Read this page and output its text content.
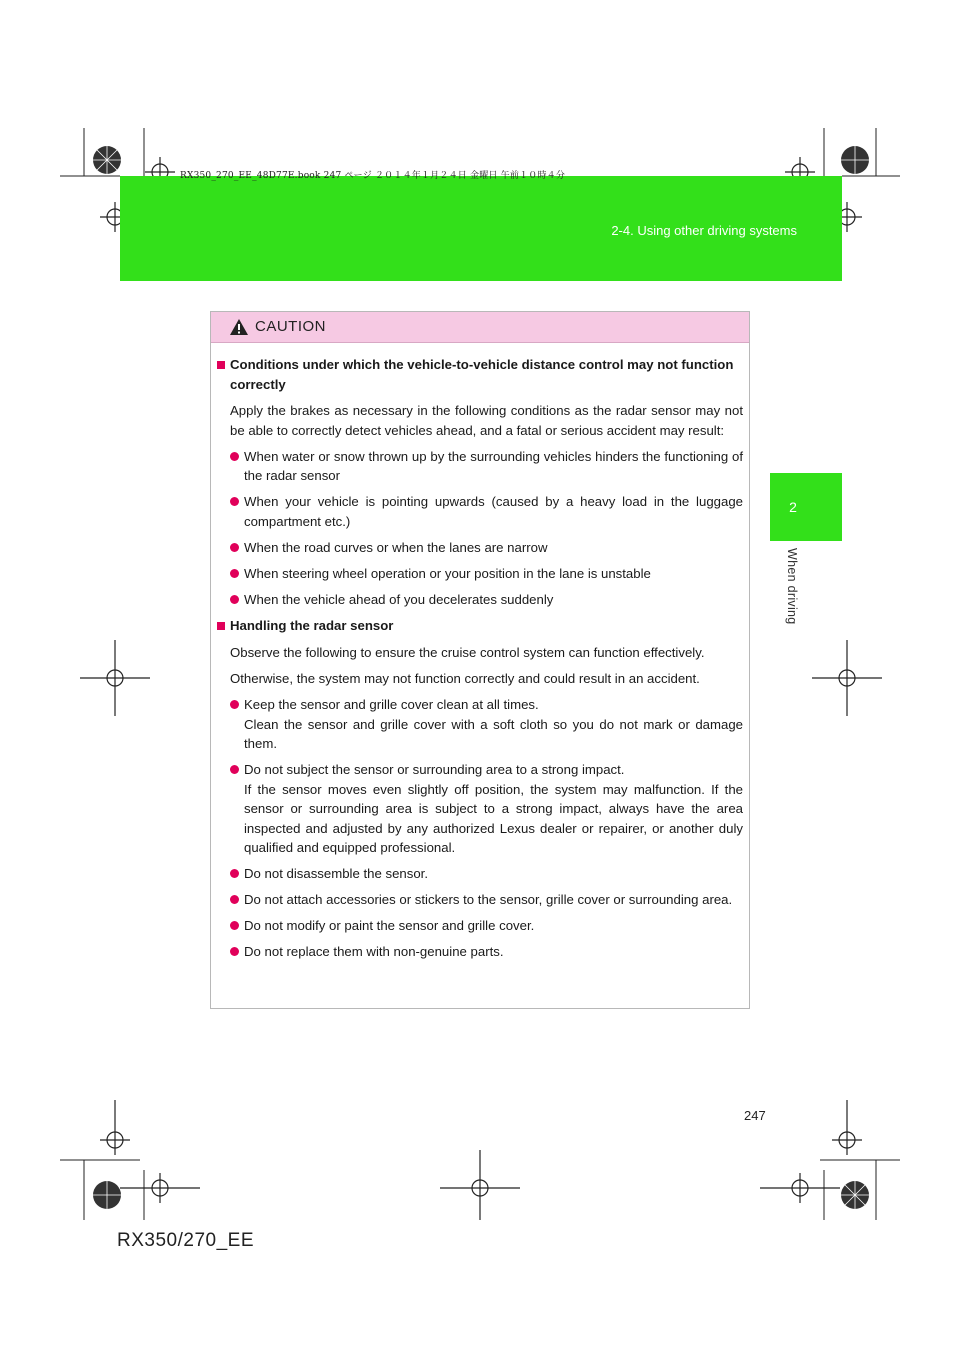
RX350_270_EE_48D77E.book 247 ページ ２０１４年１月２４日 金曜日 午前１０時４分
2-4. Using other driving systems
2
When driving
CAUTION
Conditions under which the vehicle-to-vehicle distance control may not function correctly
Apply the brakes as necessary in the following conditions as the radar sensor may not be able to correctly detect vehicles ahead, and a fatal or serious accident may result:
When water or snow thrown up by the surrounding vehicles hinders the functioning of the radar sensor
When your vehicle is pointing upwards (caused by a heavy load in the luggage compartment etc.)
When the road curves or when the lanes are narrow
When steering wheel operation or your position in the lane is unstable
When the vehicle ahead of you decelerates suddenly
Handling the radar sensor
Observe the following to ensure the cruise control system can function effectively.
Otherwise, the system may not function correctly and could result in an accident.
Keep the sensor and grille cover clean at all times.
Clean the sensor and grille cover with a soft cloth so you do not mark or damage them.
Do not subject the sensor or surrounding area to a strong impact.
If the sensor moves even slightly off position, the system may malfunction. If the sensor or surrounding area is subject to a strong impact, always have the area inspected and adjusted by any authorized Lexus dealer or repairer, or another duly qualified and equipped professional.
Do not disassemble the sensor.
Do not attach accessories or stickers to the sensor, grille cover or surrounding area.
Do not modify or paint the sensor and grille cover.
Do not replace them with non-genuine parts.
247
RX350/270_EE
